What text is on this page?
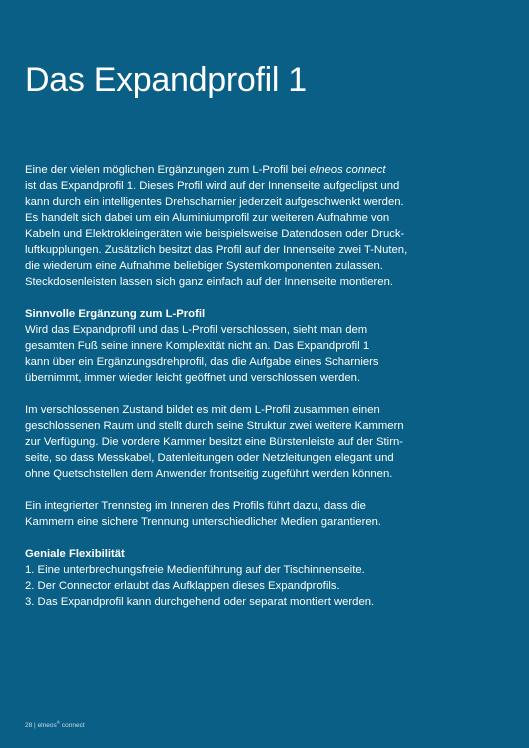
Das Expandprofil 1

Eine der vielen möglichen Ergänzungen zum L-Profil bei elneos connect
ist das Expandprofil 1. Dieses Profil wird auf der Innenseite aufgeclipst und
kann durch ein intelligentes Drehscharnier jederzeit aufgeschwenkt werden.
Es handelt sich dabei um ein Aluminiumprofil zur weiteren Aufnahme von
Kabeln und Elektrokleingeräten wie beispielsweise Datendosen oder Druck-
luftkupplungen. Zusätzlich besitzt das Profil auf der Innenseite zwei T-Nuten,
die wiederum eine Aufnahme beliebiger Systemkomponenten zulassen.
Steckdosenleisten lassen sich ganz einfach auf der Innenseite montieren.

Sinnvolle Ergänzung zum L-Profil
Wird das Expandprofil und das L-Profil verschlossen, sieht man dem
gesamten Fuß seine innere Komplexität nicht an. Das Expandprofil 1
kann über ein Ergänzungsdrehprofil, das die Aufgabe eines Scharniers
übernimmt, immer wieder leicht geöffnet und verschlossen werden.

Im verschlossenen Zustand bildet es mit dem L-Profil zusammen einen
geschlossenen Raum und stellt durch seine Struktur zwei weitere Kammern
zur Verfügung. Die vordere Kammer besitzt eine Bürstenleiste auf der Stirn-
seite, so dass Messkabel, Datenleitungen oder Netzleitungen elegant und
ohne Quetschstellen dem Anwender frontseitig zugeführt werden können.

Ein integrierter Trennsteg im Inneren des Profils führt dazu, dass die
Kammern eine sichere Trennung unterschiedlicher Medien garantieren.

Geniale Flexibilität
1. Eine unterbrechungsfreie Medienführung auf der Tischinnenseite.
2. Der Connector erlaubt das Aufklappen dieses Expandprofils.
3. Das Expandprofil kann durchgehend oder separat montiert werden.

28 | elneos® connect
